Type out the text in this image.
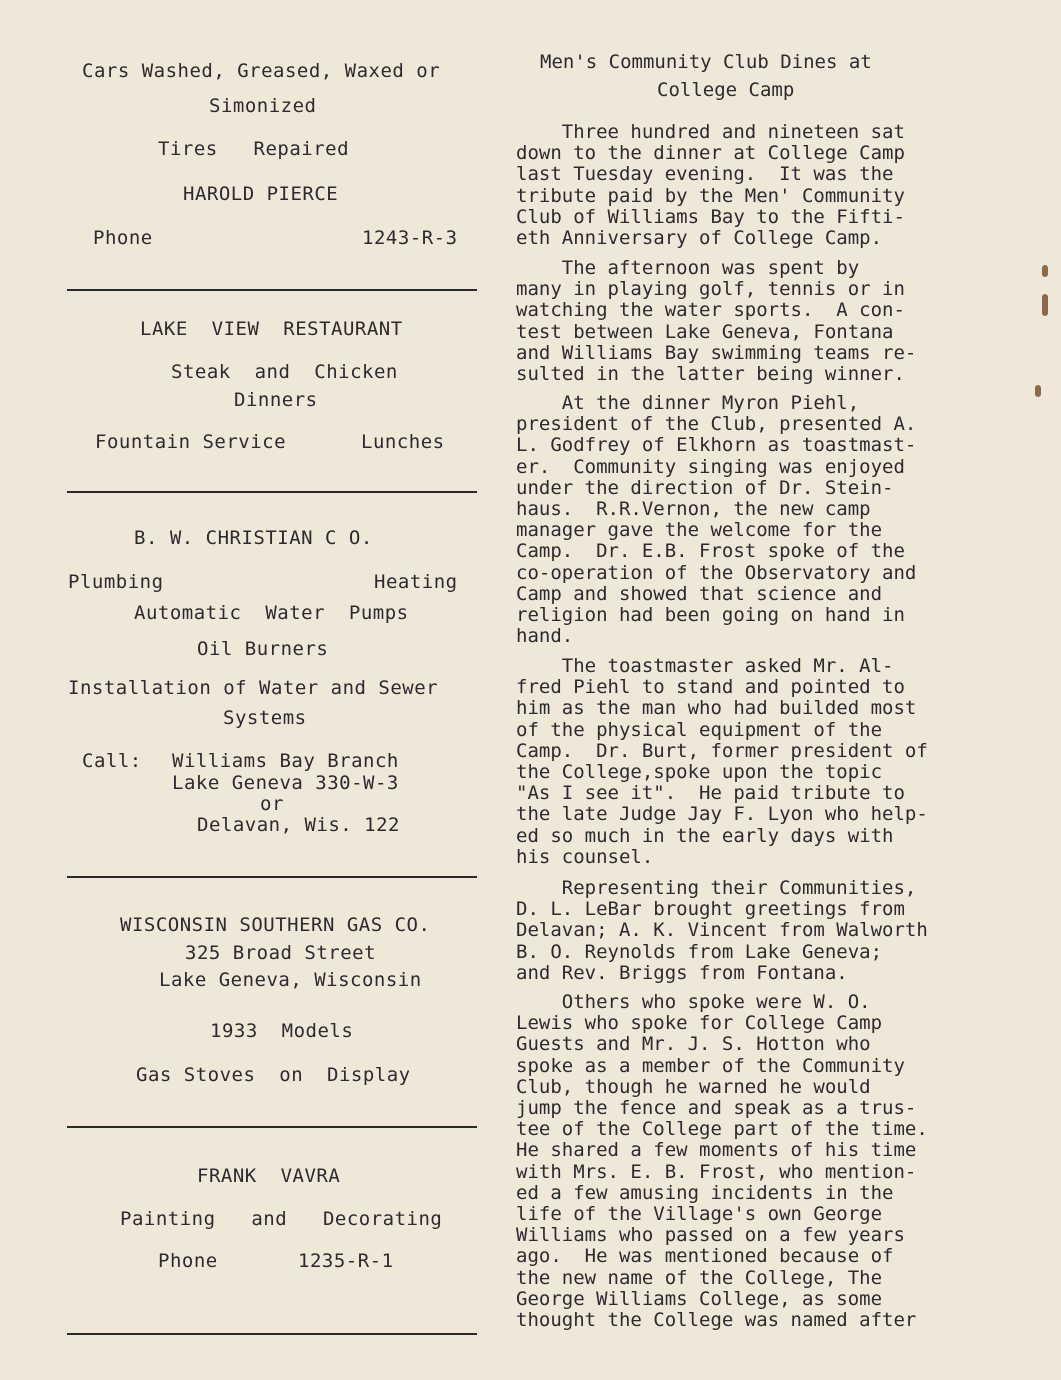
Cars Washed, Greased, Waxed or
Simonized
Tires   Repaired
HAROLD PIERCE
Phone	1243-R-3
LAKE  VIEW  RESTAURANT
Steak  and  Chicken
Dinners
Fountain Service	Lunches
B. W. CHRISTIAN C O.
Plumbing	Heating
Automatic  Water  Pumps
Oil Burners
Installation of Water and Sewer
Systems
Call: Williams Bay Branch
Lake Geneva 330-W-3
or
Delavan, Wis. 122
WISCONSIN SOUTHERN GAS CO.
325 Broad Street
Lake Geneva, Wisconsin
1933  Models
Gas Stoves  on  Display
FRANK  VAVRA
Painting   and   Decorating
Phone	1235-R-1
Men's Community Club Dines at
College Camp
Three hundred and nineteen sat
down to the dinner at College Camp
last Tuesday evening.  It was the
tribute paid by the Men' Community
Club of Williams Bay to the Fifti-
eth Anniversary of College Camp.
The afternoon was spent by
many in playing golf, tennis or in
watching the water sports.  A con-
test between Lake Geneva, Fontana
and Williams Bay swimming teams re-
sulted in the latter being winner.
At the dinner Myron Piehl,
president of the Club, presented A.
L. Godfrey of Elkhorn as toastmast-
er.  Community singing was enjoyed
under the direction of Dr. Stein-
haus.  R.R.Vernon, the new camp
manager gave the welcome for the
Camp.  Dr. E.B. Frost spoke of the
co-operation of the Observatory and
Camp and showed that science and
religion had been going on hand in
hand.
The toastmaster asked Mr. Al-
fred Piehl to stand and pointed to
him as the man who had builded most
of the physical equipment of the
Camp.  Dr. Burt, former president of
the College,spoke upon the topic
"As I see it".  He paid tribute to
the late Judge Jay F. Lyon who help-
ed so much in the early days with
his counsel.
Representing their Communities,
D. L. LeBar brought greetings from
Delavan; A. K. Vincent from Walworth
B. O. Reynolds from Lake Geneva;
and Rev. Briggs from Fontana.
Others who spoke were W. O.
Lewis who spoke for College Camp
Guests and Mr. J. S. Hotton who
spoke as a member of the Community
Club, though he warned he would
jump the fence and speak as a trus-
tee of the College part of the time.
He shared a few moments of his time
with Mrs. E. B. Frost, who mention-
ed a few amusing incidents in the
life of the Village's own George
Williams who passed on a few years
ago.  He was mentioned because of
the new name of the College, The
George Williams College, as some
thought the College was named after
